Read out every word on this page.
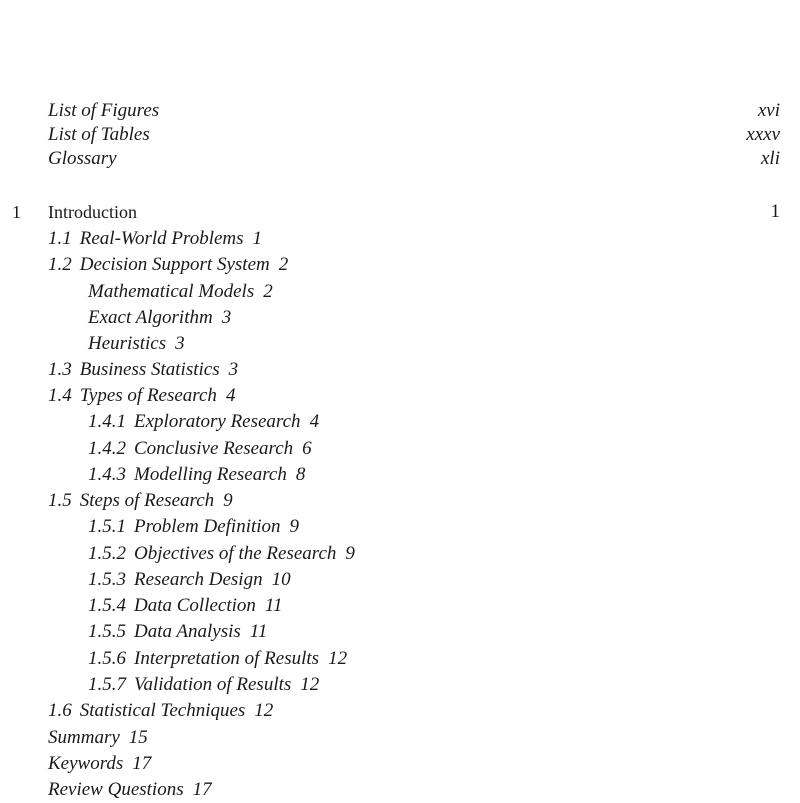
List of Figures	xvi
List of Tables	xxxv
Glossary	xli
1 Introduction	1
1.1 Real-World Problems 1
1.2 Decision Support System 2
Mathematical Models 2
Exact Algorithm 3
Heuristics 3
1.3 Business Statistics 3
1.4 Types of Research 4
1.4.1 Exploratory Research 4
1.4.2 Conclusive Research 6
1.4.3 Modelling Research 8
1.5 Steps of Research 9
1.5.1 Problem Definition 9
1.5.2 Objectives of the Research 9
1.5.3 Research Design 10
1.5.4 Data Collection 11
1.5.5 Data Analysis 11
1.5.6 Interpretation of Results 12
1.5.7 Validation of Results 12
1.6 Statistical Techniques 12
Summary 15
Keywords 17
Review Questions 17
